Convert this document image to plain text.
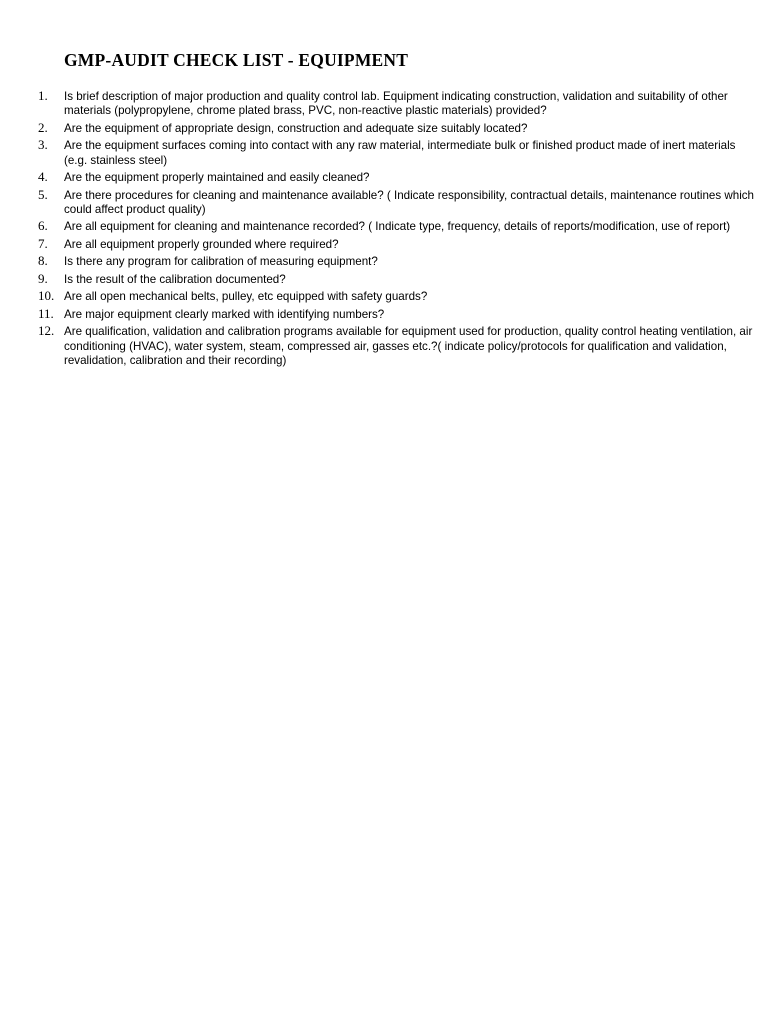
GMP-AUDIT CHECK LIST - EQUIPMENT
1.	Is brief description of major production and quality control lab. Equipment indicating construction, validation and suitability of other materials (polypropylene, chrome plated brass, PVC, non-reactive plastic materials) provided?
2.	Are the equipment of appropriate design, construction and adequate size suitably located?
3.	Are the equipment surfaces coming into contact with any raw material, intermediate bulk or finished product made of inert materials (e.g. stainless steel)
4.	Are the equipment properly maintained and easily cleaned?
5.	Are there procedures for cleaning and maintenance available? ( Indicate responsibility, contractual details, maintenance routines which could affect product quality)
6.	Are all equipment for cleaning and maintenance recorded? ( Indicate type, frequency, details of reports/modification, use of report)
7.	Are all equipment properly grounded where required?
8.	Is there any program for calibration of measuring equipment?
9.	Is the result of the calibration documented?
10. Are all open mechanical belts, pulley, etc equipped with safety guards?
11. Are major equipment clearly marked with identifying numbers?
12. Are qualification, validation and calibration programs available for equipment used for production, quality control heating ventilation, air conditioning (HVAC), water system, steam, compressed air, gasses etc.?( indicate policy/protocols for qualification and validation, revalidation, calibration and their recording)
